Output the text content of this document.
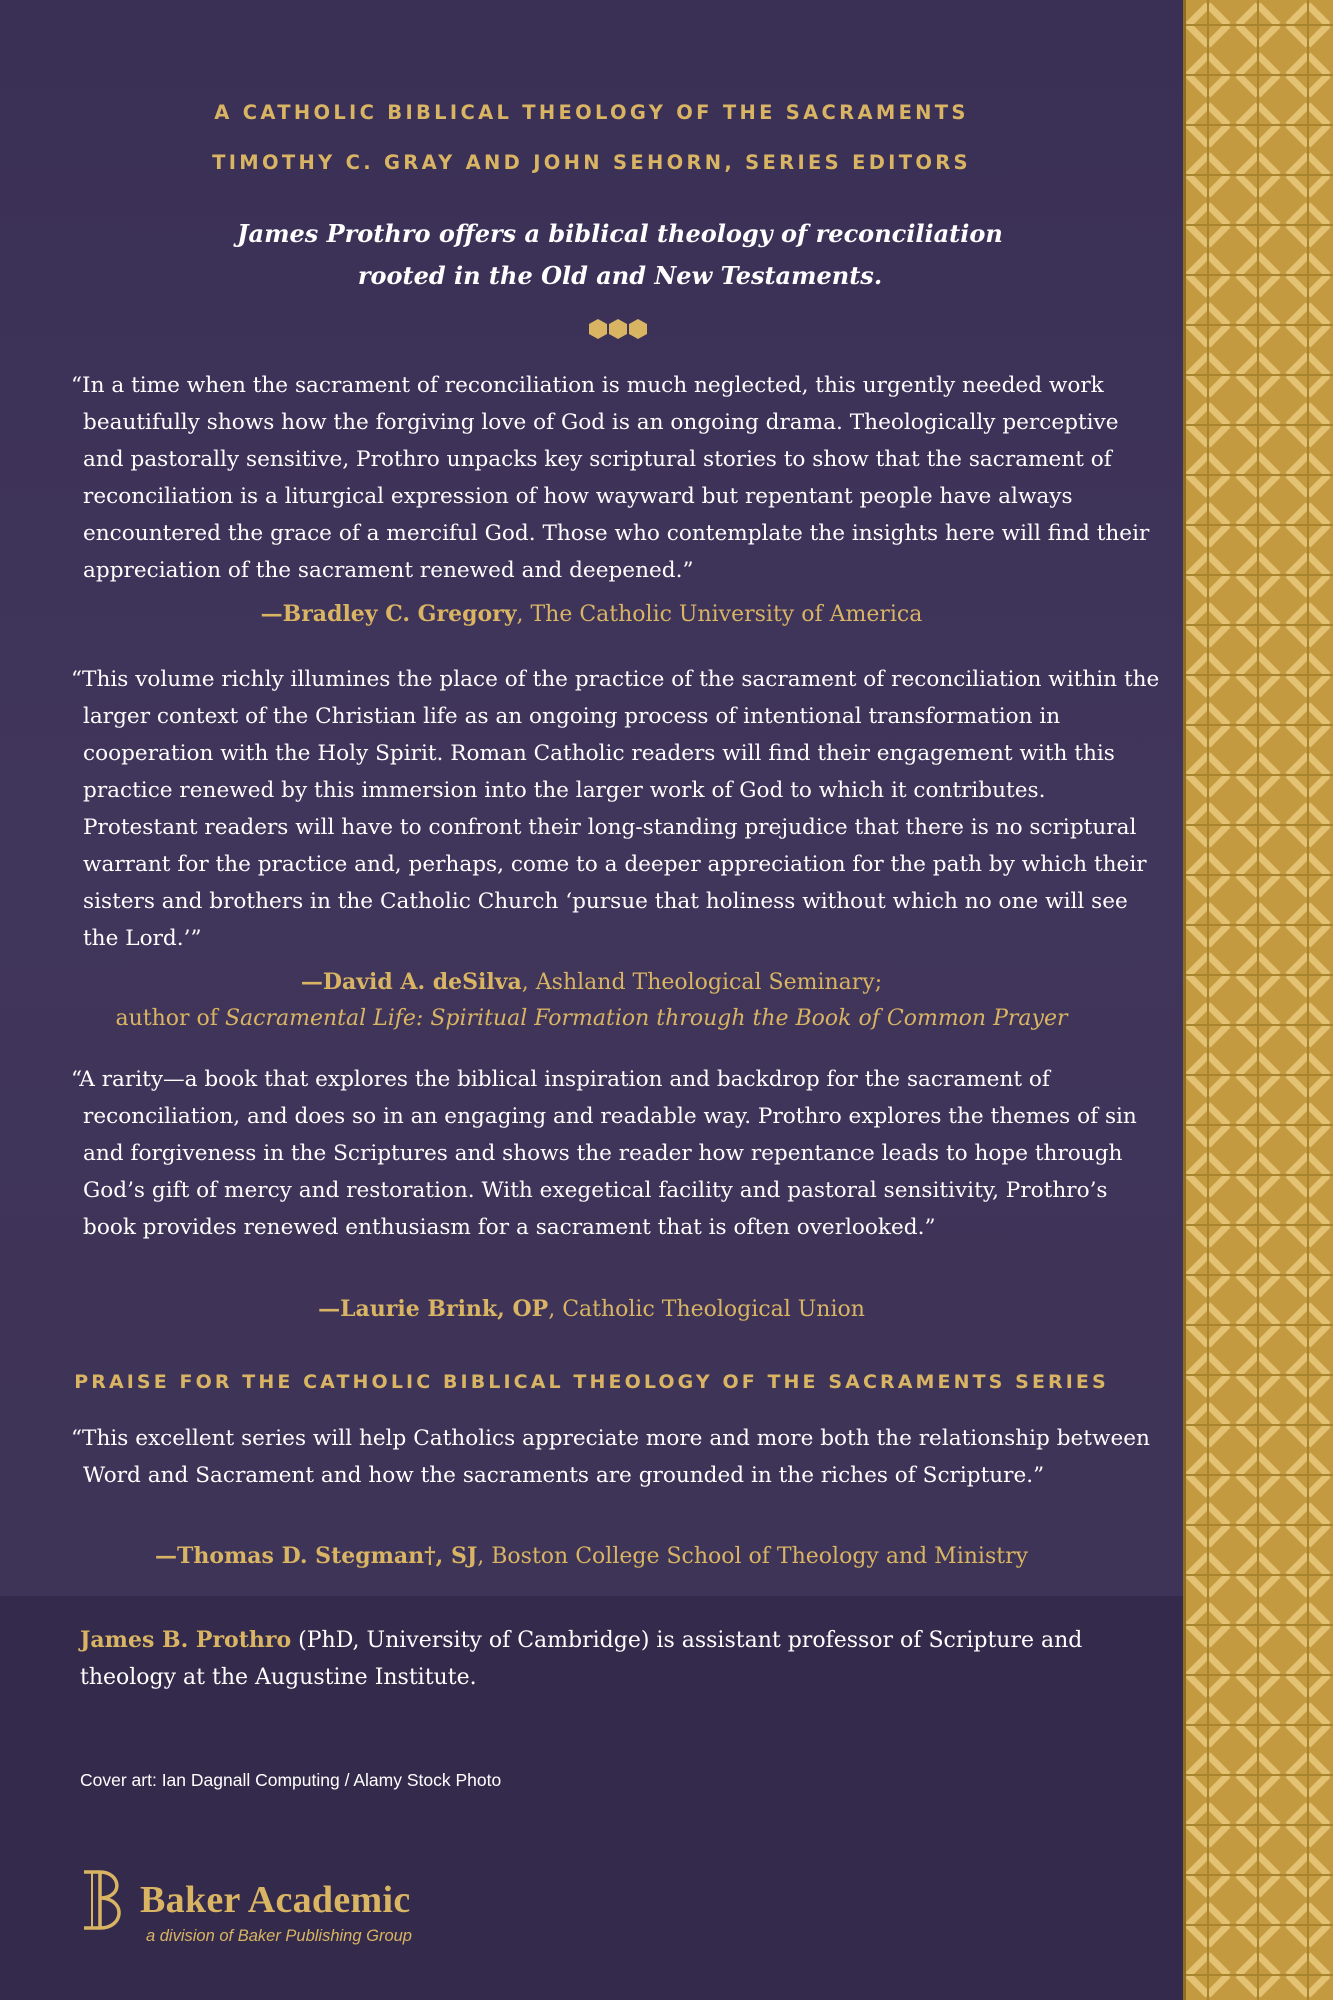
A CATHOLIC BIBLICAL THEOLOGY OF THE SACRAMENTS
TIMOTHY C. GRAY AND JOHN SEHORN, SERIES EDITORS
James Prothro offers a biblical theology of reconciliation rooted in the Old and New Testaments.
“In a time when the sacrament of reconciliation is much neglected, this urgently needed work beautifully shows how the forgiving love of God is an ongoing drama. Theologically perceptive and pastorally sensitive, Prothro unpacks key scriptural stories to show that the sacrament of reconciliation is a liturgical expression of how wayward but repentant people have always encountered the grace of a merciful God. Those who contemplate the insights here will find their appreciation of the sacrament renewed and deepened.”
—Bradley C. Gregory, The Catholic University of America
“This volume richly illumines the place of the practice of the sacrament of reconciliation within the larger context of the Christian life as an ongoing process of intentional transformation in cooperation with the Holy Spirit. Roman Catholic readers will find their engagement with this practice renewed by this immersion into the larger work of God to which it contributes. Protestant readers will have to confront their long-standing prejudice that there is no scriptural warrant for the practice and, perhaps, come to a deeper appreciation for the path by which their sisters and brothers in the Catholic Church ‘pursue that holiness without which no one will see the Lord.’”
—David A. deSilva, Ashland Theological Seminary;
author of Sacramental Life: Spiritual Formation through the Book of Common Prayer
“A rarity—a book that explores the biblical inspiration and backdrop for the sacrament of reconciliation, and does so in an engaging and readable way. Prothro explores the themes of sin and forgiveness in the Scriptures and shows the reader how repentance leads to hope through God’s gift of mercy and restoration. With exegetical facility and pastoral sensitivity, Prothro’s book provides renewed enthusiasm for a sacrament that is often overlooked.”
—Laurie Brink, OP, Catholic Theological Union
PRAISE FOR THE CATHOLIC BIBLICAL THEOLOGY OF THE SACRAMENTS SERIES
“This excellent series will help Catholics appreciate more and more both the relationship between Word and Sacrament and how the sacraments are grounded in the riches of Scripture.”
—Thomas D. Stegman†, SJ, Boston College School of Theology and Ministry
James B. Prothro (PhD, University of Cambridge) is assistant professor of Scripture and theology at the Augustine Institute.
Cover art: Ian Dagnall Computing / Alamy Stock Photo
Baker Academic
a division of Baker Publishing Group
